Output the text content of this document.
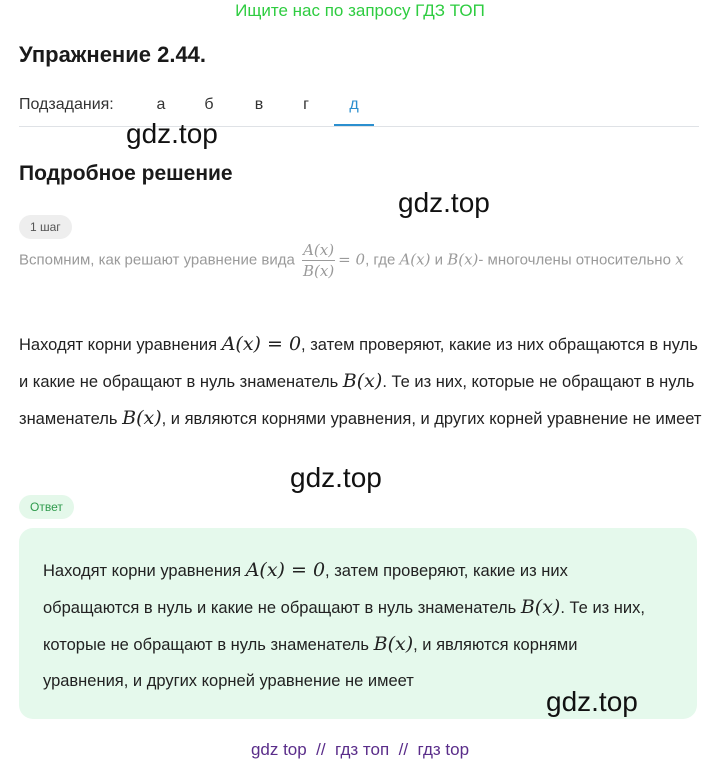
Ищите нас по запросу ГДЗ ТОП
Упражнение 2.44.
Подзадания:	а	б	в	г	д
gdz.top
Подробное решение
gdz.top
1 шаг
Вспомним, как решают уравнение вида $\frac{A(x)}{B(x)} = 0$, где A(x) и B(x)- многочлены относительно x
Находят корни уравнения A(x) = 0, затем проверяют, какие из них обращаются в нуль и какие не обращают в нуль знаменатель B(x). Те из них, которые не обращают в нуль знаменатель B(x), и являются корнями уравнения, и других корней уравнение не имеет
gdz.top
Ответ
Находят корни уравнения A(x) = 0, затем проверяют, какие из них обращаются в нуль и какие не обращают в нуль знаменатель B(x). Те из них, которые не обращают в нуль знаменатель B(x), и являются корнями уравнения, и других корней уравнение не имеет
gdz.top
gdz top  //  гдз топ  //  гдз top
